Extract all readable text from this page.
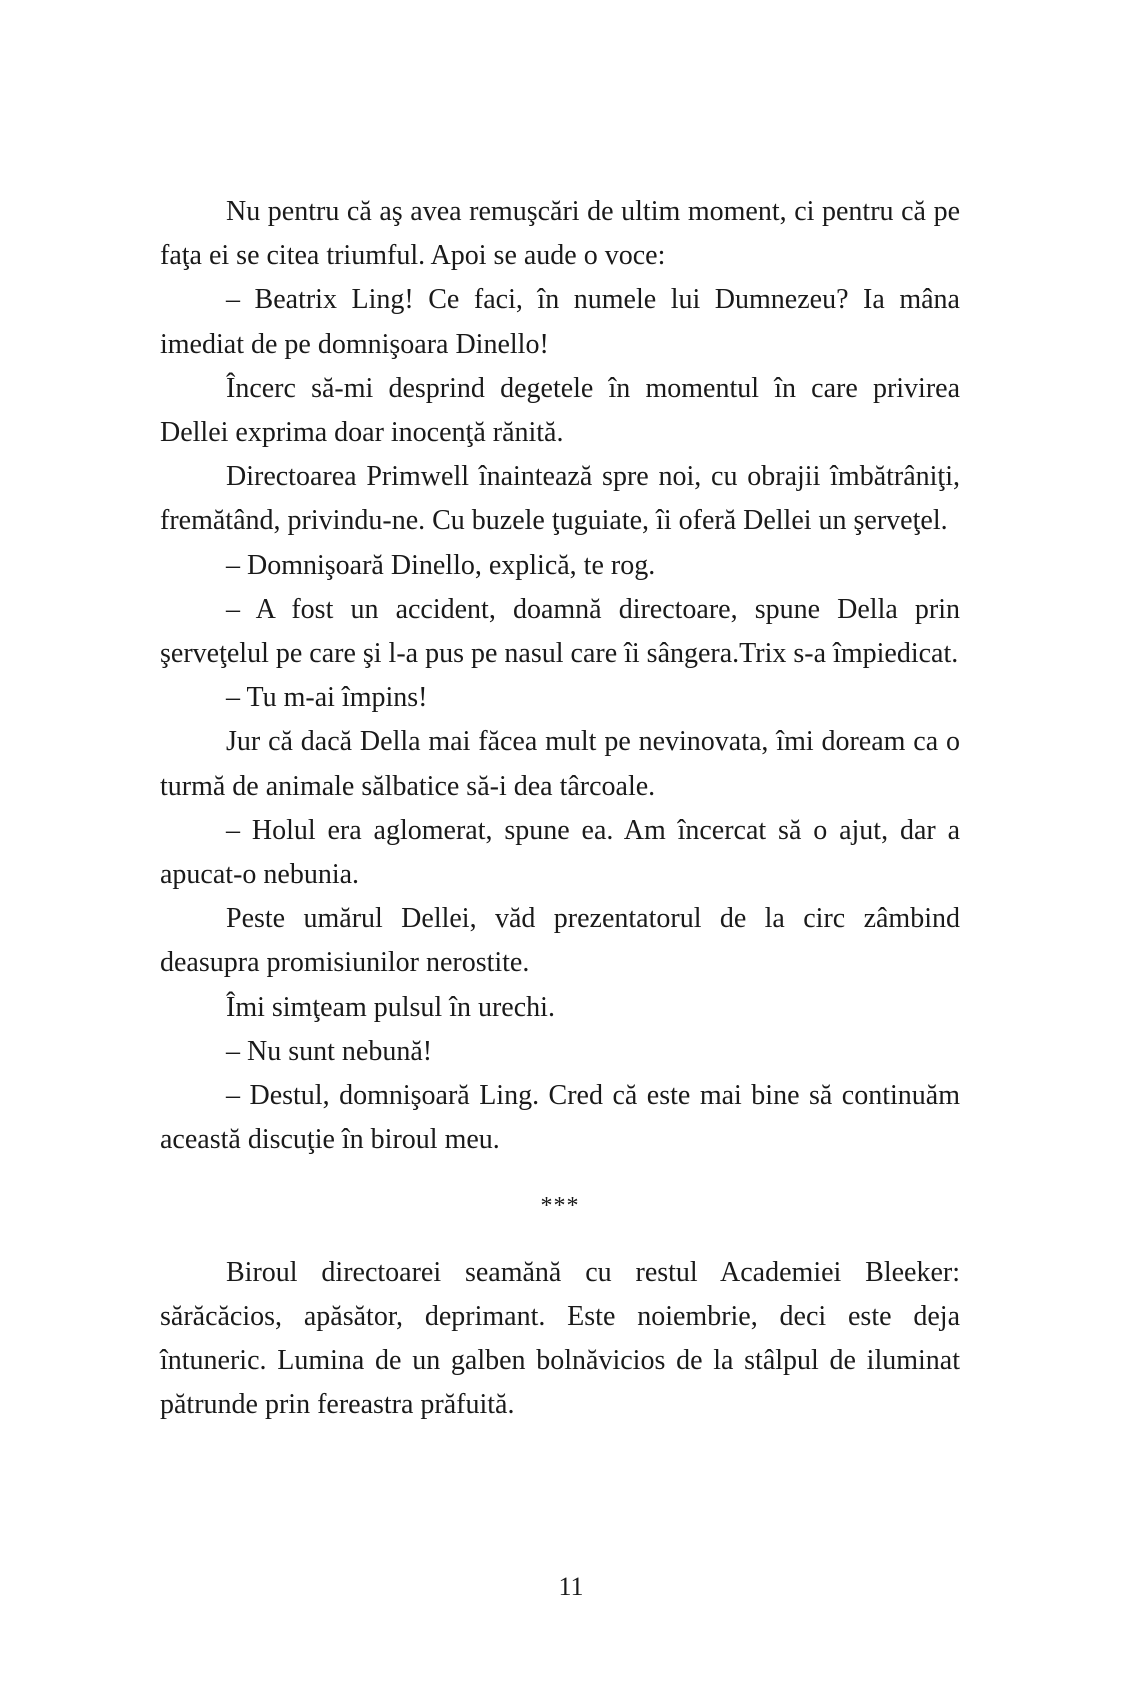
Nu pentru că aş avea remuşcări de ultim moment, ci pentru că pe faţa ei se citea triumful. Apoi se aude o voce:

– Beatrix Ling! Ce faci, în numele lui Dumnezeu? Ia mâna imediat de pe domnişoara Dinello!

Încerc să-mi desprind degetele în momentul în care privirea Dellei exprima doar inocenţă rănită.

Directoarea Primwell înaintează spre noi, cu obrajii îmbătrâniţi, fremătând, privindu-ne. Cu buzele ţuguiate, îi oferă Dellei un şerveţel.

– Domnişoară Dinello, explică, te rog.

– A fost un accident, doamnă directoare, spune Della prin şerveţelul pe care şi l-a pus pe nasul care îi sângera.Trix s-a împiedicat.

– Tu m-ai împins!

Jur că dacă Della mai făcea mult pe nevinovata, îmi doream ca o turmă de animale sălbatice să-i dea târcoale.

– Holul era aglomerat, spune ea. Am încercat să o ajut, dar a apucat-o nebunia.

Peste umărul Dellei, văd prezentatorul de la circ zâmbind deasupra promisiunilor nerostite.

Îmi simţeam pulsul în urechi.

– Nu sunt nebună!

– Destul, domnişoară Ling. Cred că este mai bine să continuăm această discuţie în biroul meu.

***

Biroul directoarei seamănă cu restul Academiei Bleeker: sărăcăcios, apăsător, deprimant. Este noiembrie, deci este deja întuneric. Lumina de un galben bolnăvicios de la stâlpul de iluminat pătrunde prin fereastra prăfuită.

11
